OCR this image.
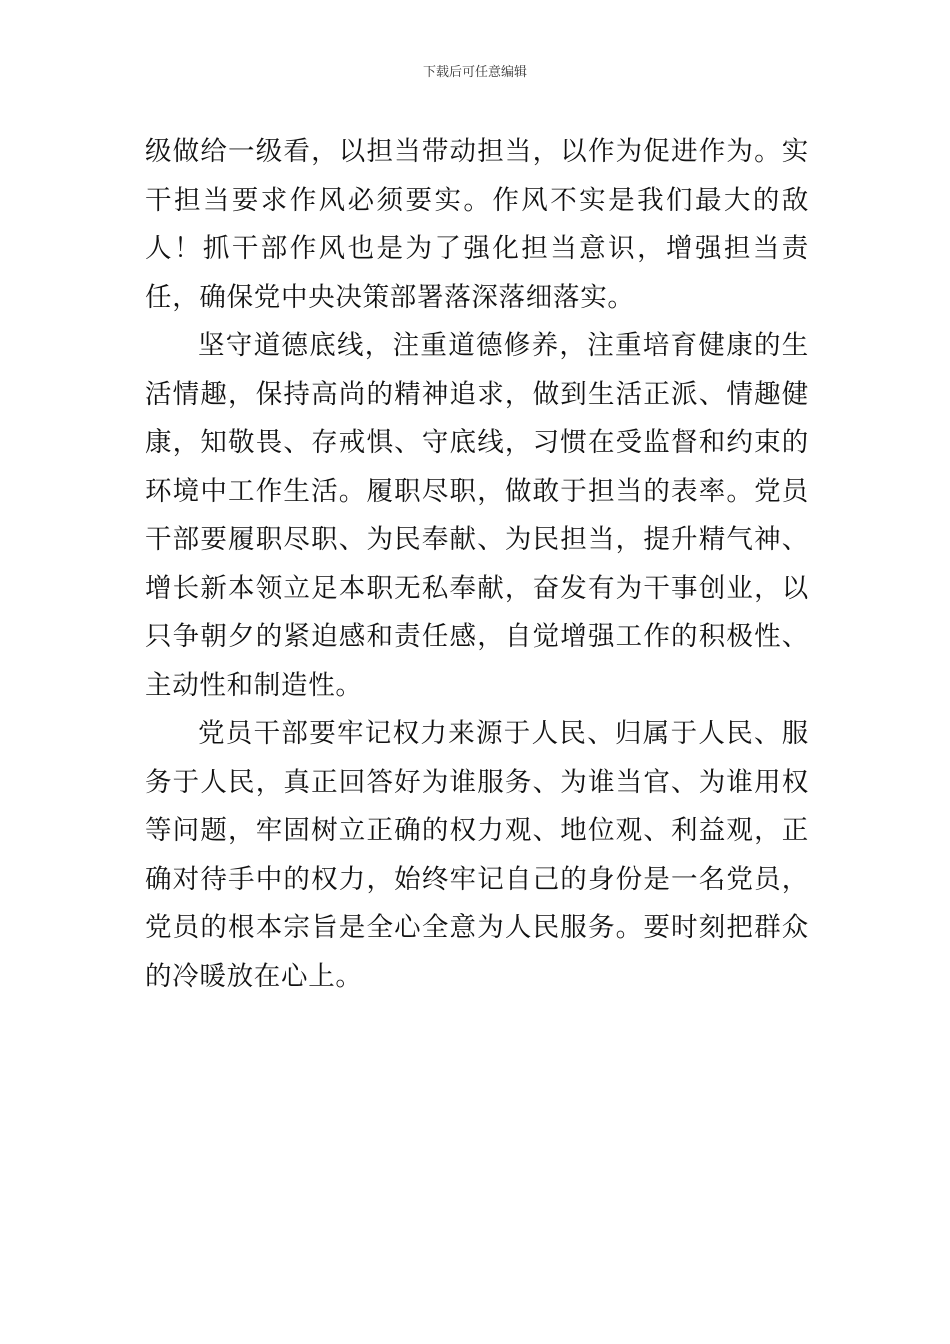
下载后可任意编辑

级做给一级看，以担当带动担当，以作为促进作为。实干担当要求作风必须要实。作风不实是我们最大的敌人！抓干部作风也是为了强化担当意识，增强担当责任，确保党中央决策部署落深落细落实。

坚守道德底线，注重道德修养，注重培育健康的生活情趣，保持高尚的精神追求，做到生活正派、情趣健康，知敬畏、存戒惧、守底线，习惯在受监督和约束的环境中工作生活。履职尽职，做敢于担当的表率。党员干部要履职尽职、为民奉献、为民担当，提升精气神、增长新本领立足本职无私奉献，奋发有为干事创业，以只争朝夕的紧迫感和责任感，自觉增强工作的积极性、主动性和制造性。

党员干部要牢记权力来源于人民、归属于人民、服务于人民，真正回答好为谁服务、为谁当官、为谁用权等问题，牢固树立正确的权力观、地位观、利益观，正确对待手中的权力，始终牢记自己的身份是一名党员，党员的根本宗旨是全心全意为人民服务。要时刻把群众的冷暖放在心上。
